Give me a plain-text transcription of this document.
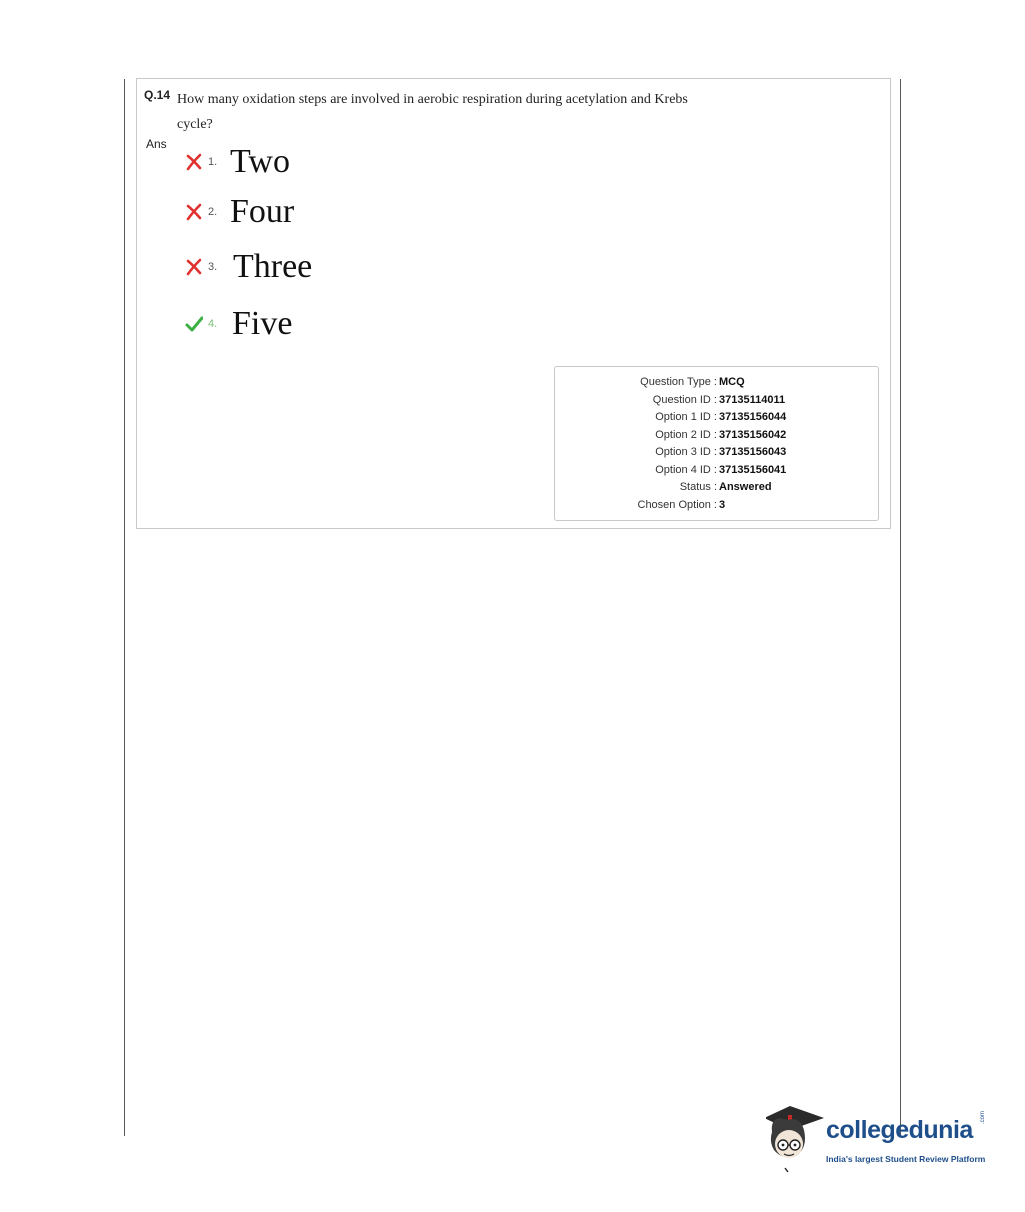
Q.14 How many oxidation steps are involved in aerobic respiration during acetylation and Krebs cycle?
Ans
1. Two
2. Four
3. Three
4. Five
Question Type : MCQ
Question ID : 37135114011
Option 1 ID : 37135156044
Option 2 ID : 37135156042
Option 3 ID : 37135156043
Option 4 ID : 37135156041
Status : Answered
Chosen Option : 3
collegedunia .com
India's largest Student Review Platform
